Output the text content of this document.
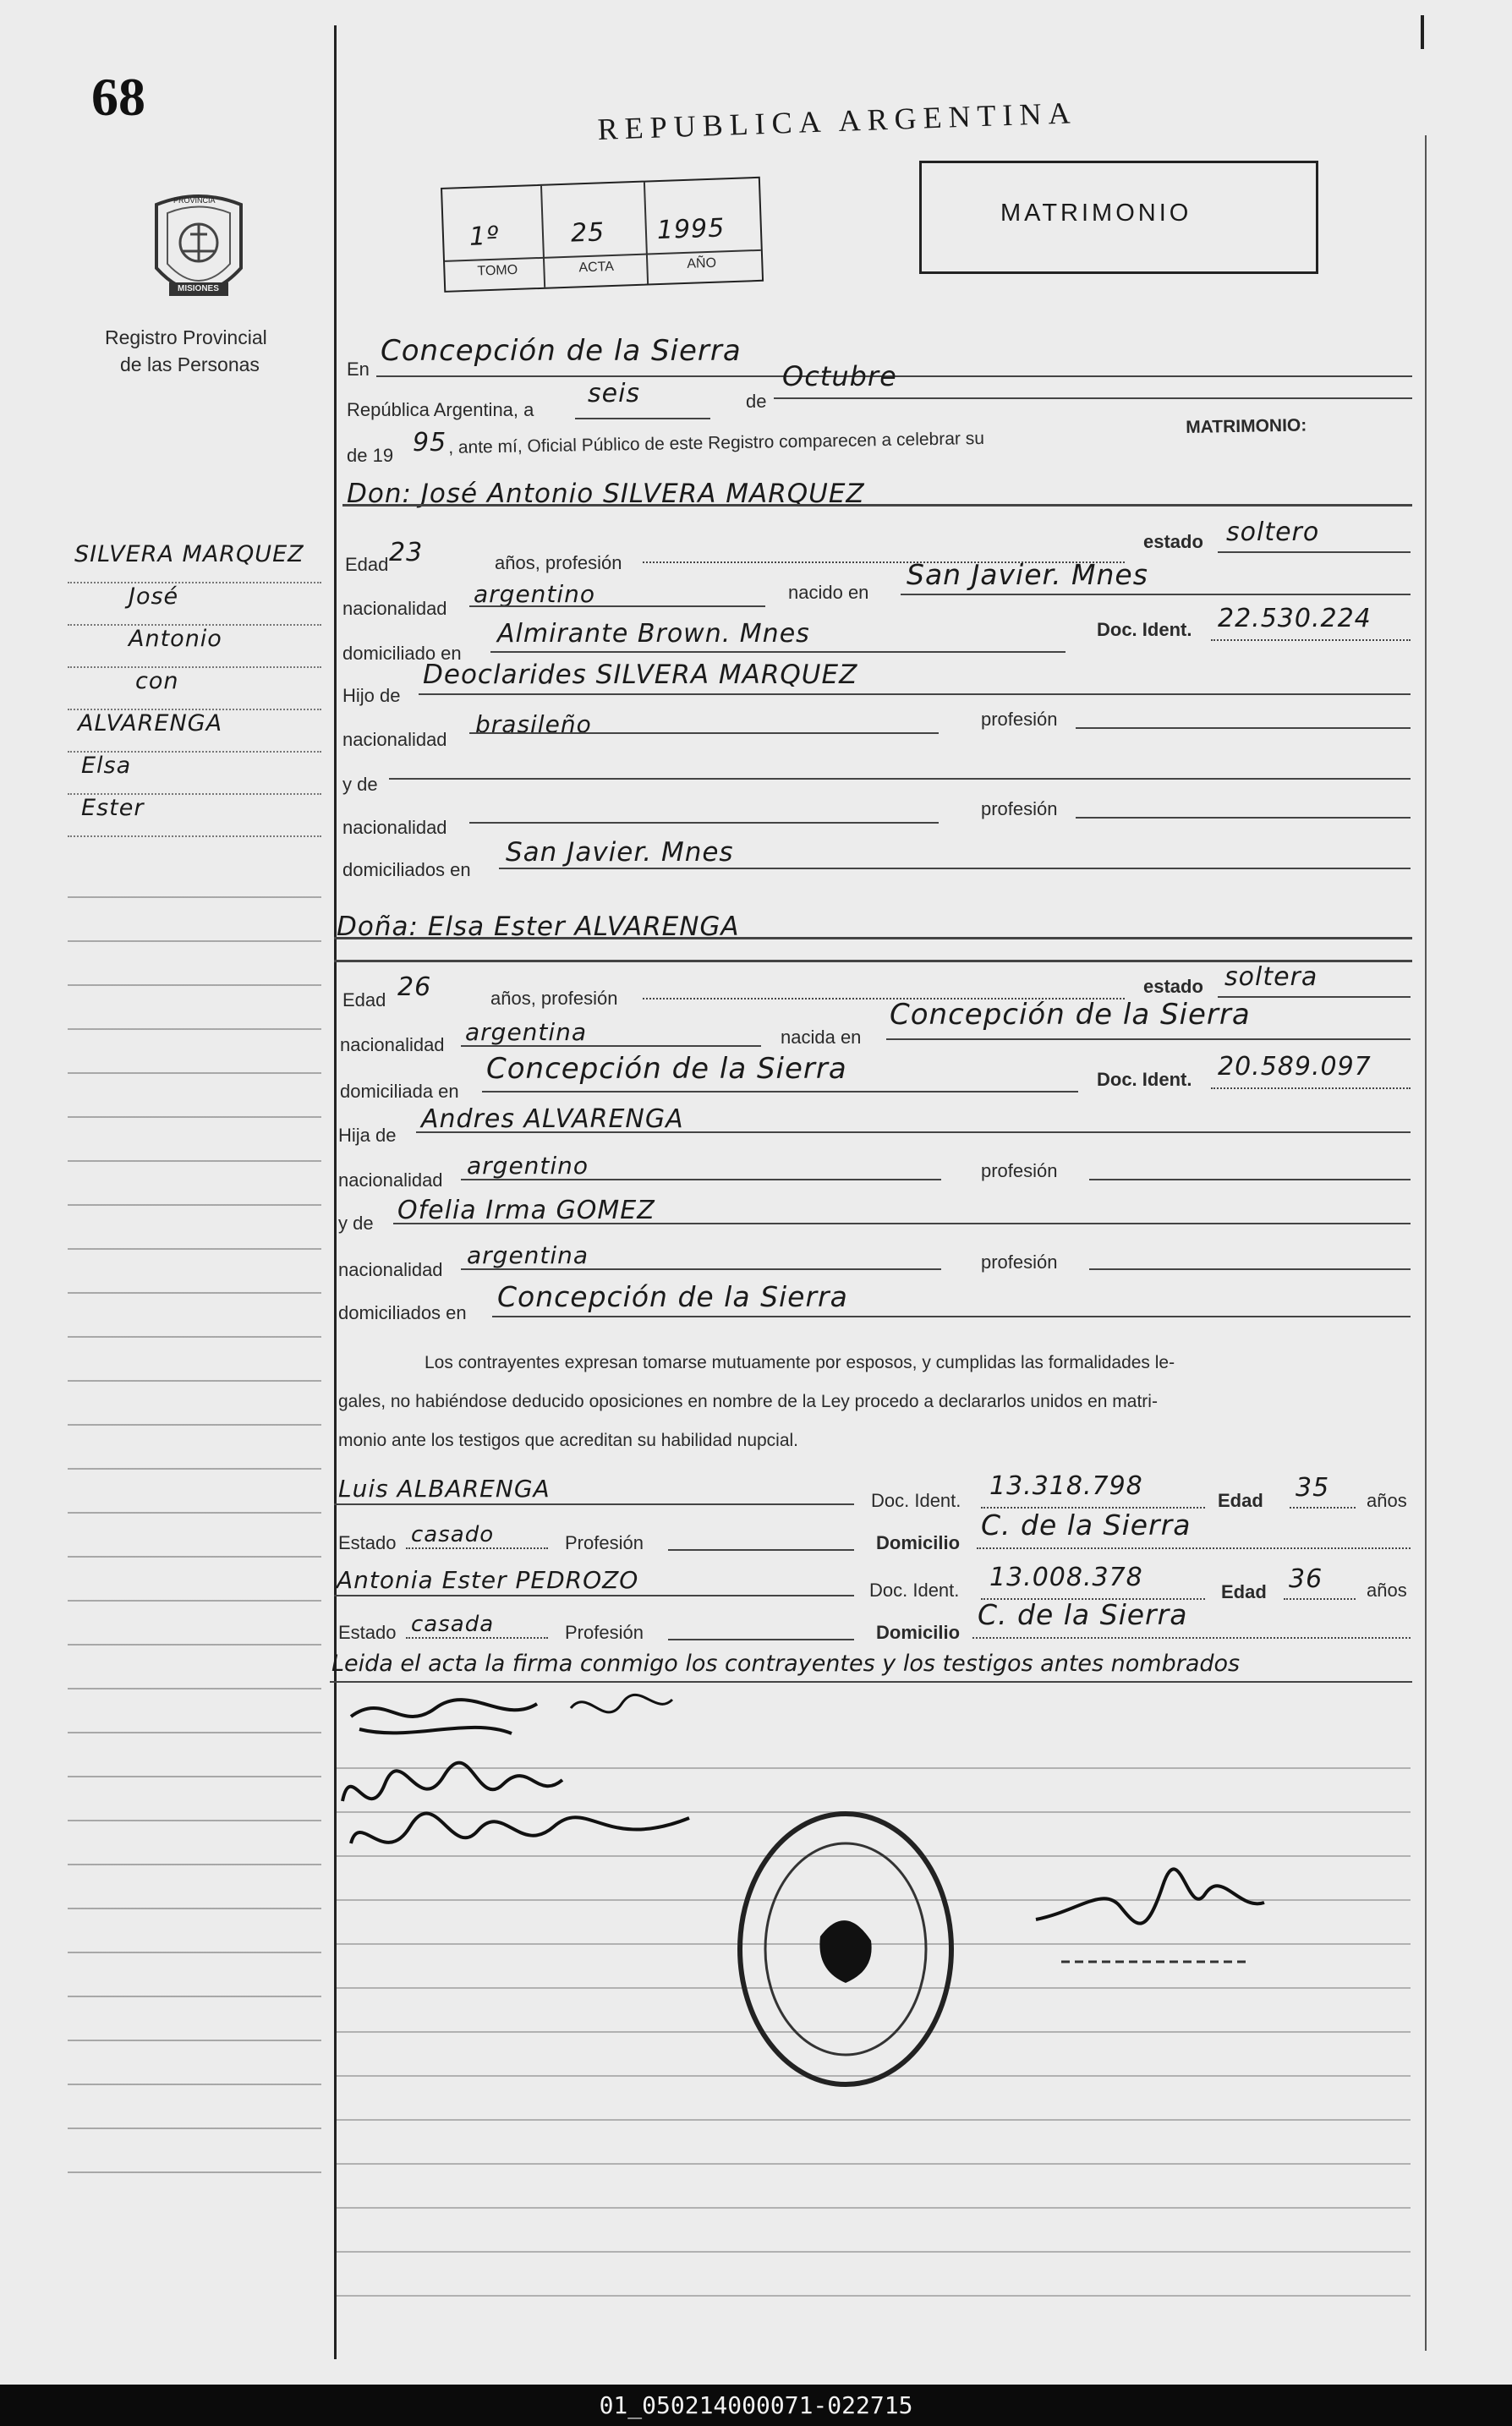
68
PROVINCIA
MISIONES
Registro Provincial
de las Personas
SILVERA MARQUEZ
José
Antonio
con
ALVARENGA
Elsa
Ester
REPUBLICA ARGENTINA
MATRIMONIO
1º	25 1995
TOMO	ACTA	AÑO
En
Concepción de la Sierra
República Argentina, a
seis	de
Octubre
de 19 95 , ante mí, Oficial Público de este Registro comparecen a celebrar su
MATRIMONIO:
Don: José Antonio SILVERA MARQUEZ
Edad 23	años, profesión
estado soltero
nacionalidad
argentino	nacido en
San Javier. Mnes
domiciliado en
Almirante Brown. Mnes	Doc. Ident. 22.530.224
Hijo de
Deoclarides SILVERA MARQUEZ
nacionalidad
brasileño	profesión
y de
nacionalidad
profesión
domiciliados en
San Javier. Mnes
Doña: Elsa Ester ALVARENGA
Edad 26	años, profesión
estado soltera
nacionalidad argentina	nacida en
Concepción de la Sierra
domiciliada en
Concepción de la Sierra	Doc. Ident. 20.589.097
Hija de
Andres ALVARENGA
nacionalidad
argentino	profesión
y de Ofelia Irma GOMEZ
nacionalidad
argentina	profesión
domiciliados en Concepción de la Sierra
Los contrayentes expresan tomarse mutuamente por esposos, y cumplidas las formalidades le-
gales, no habiéndose deducido oposiciones en nombre de la Ley procedo a declararlos unidos en matri-
monio ante los testigos que acreditan su habilidad nupcial.
Luis ALBARENGA	Doc. Ident. 13.318.798	Edad 35 años
Estado casado	Profesión	Domicilio
C. de la Sierra
Antonia Ester PEDROZO	Doc. Ident. 13.008.378	Edad 36 años
Estado casada	Profesión	Domicilio
C. de la Sierra
Leida el acta la firma conmigo los contrayentes y los testigos antes nombrados
01_050214000071-022715
